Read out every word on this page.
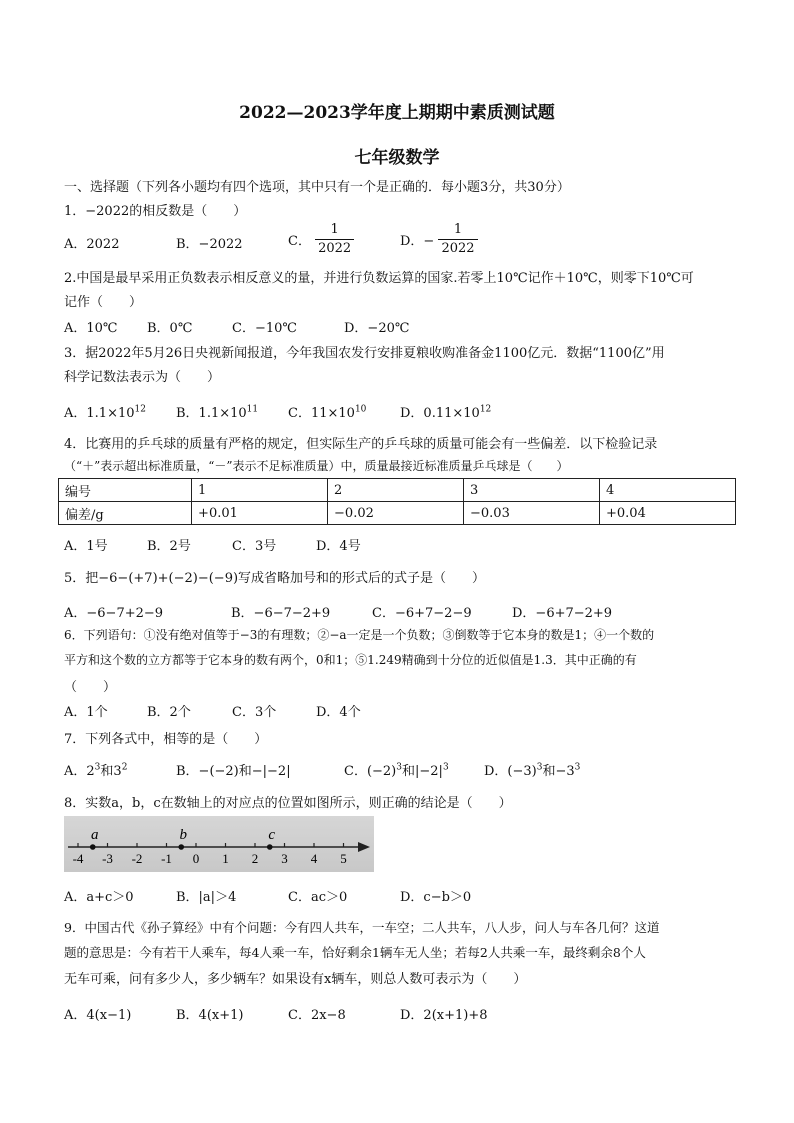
2022—2023学年度上期期中素质测试题
七年级数学
一、选择题（下列各小题均有四个选项，其中只有一个是正确的．每小题3分，共30分）
1．−2022的相反数是（　　）
A．2022	B．−2022	C． $\frac{1}{2022}$	D．− $\frac{1}{2022}$
2.中国是最早采用正负数表示相反意义的量，并进行负数运算的国家.若零上10℃记作＋10℃，则零下10℃可
记作（　　）
A．10℃ B．0℃	C．−10℃	D．−20℃
3．据2022年5月26日央视新闻报道，今年我国农发行安排夏粮收购准备金1100亿元．数据“1100亿”用
科学记数法表示为（　　）
A．$1.1\times 10^{12}$ B．$1.1\times 10^{11}$ C．$11\times 10^{10}$	D．$0.11\times 10^{12}$
4．比赛用的乒乓球的质量有严格的规定，但实际生产的乒乓球的质量可能会有一些偏差．以下检验记录
（“＋”表示超出标准质量，“－”表示不足标准质量）中，质量最接近标准质量乒乓球是（　　）
编号	1	2	3	4
偏差/g	+0.01	−0.02	−0.03	+0.04
A．1号	B．2号	C．3号	D．4号
5．把−6−(+7)+(−2)−(−9)写成省略加号和的形式后的式子是（　　）
A．−6−7+2−9	B．−6−7−2+9	C．−6+7−2−9	D．−6+7−2+9
6．下列语句：①没有绝对值等于−3的有理数；②−a一定是一个负数；③倒数等于它本身的数是1；④一个数的
平方和这个数的立方都等于它本身的数有两个，0和1；⑤1.249精确到十分位的近似值是1.3．其中正确的有
（　　）
A．1个	B．2个	C．3个	D．4个
7．下列各式中，相等的是（　　）
A．$2^3$和$3^2$	B．−(−2)和−|−2|	C．$(-2)^3$和$|-2|^3$	D．$(-3)^3$和$-3^3$
8．实数a，b，c在数轴上的对应点的位置如图所示，则正确的结论是（　　）
-4 -3 -2 -1 0 1 2 3 4 5
a	b	c
A．a+c＞0	B．|a|＞4	C．ac＞0	D．c−b＞0
9．中国古代《孙子算经》中有个问题：今有四人共车，一车空；二人共车，八人步，问人与车各几何？这道
题的意思是：今有若干人乘车，每4人乘一车，恰好剩余1辆车无人坐；若每2人共乘一车，最终剩余8个人
无车可乘，问有多少人，多少辆车？如果设有x辆车，则总人数可表示为（　　）
A．4(x−1)	B．4(x+1)	C．2x−8	D．2(x+1)+8
